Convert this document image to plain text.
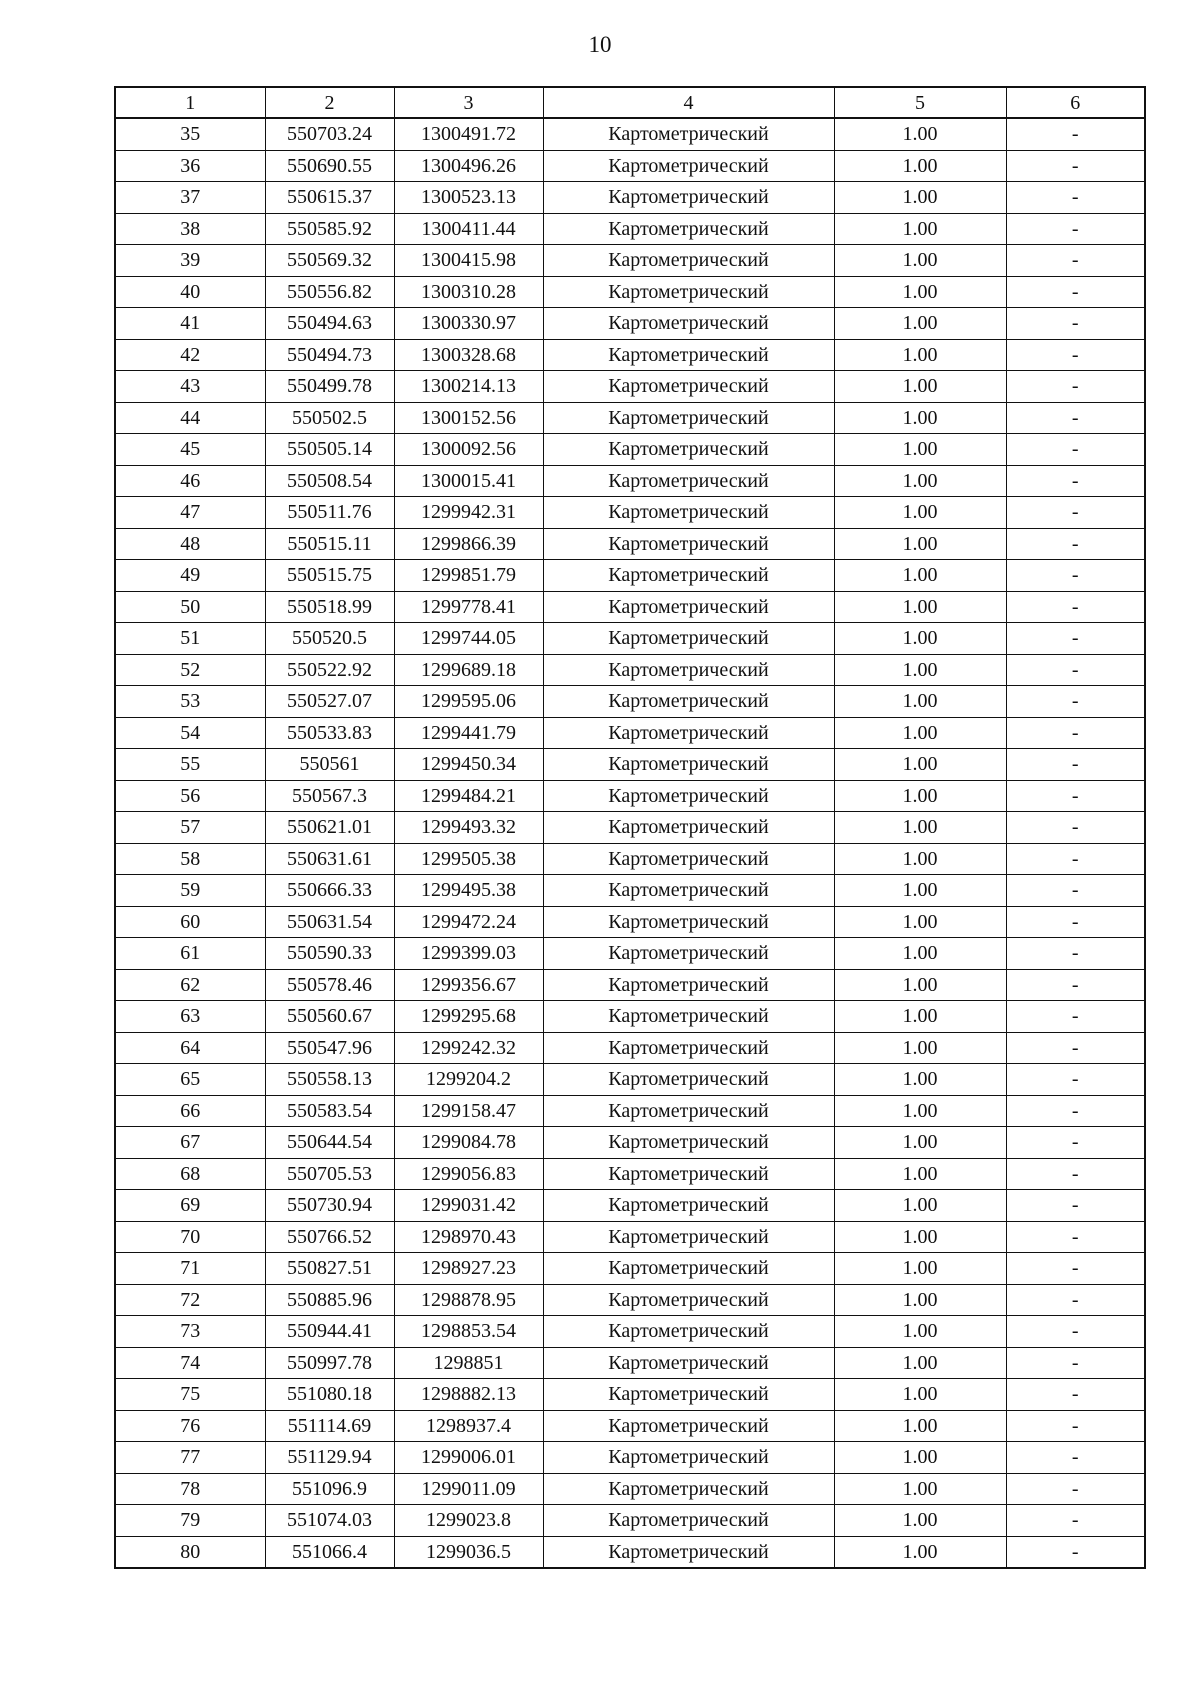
10
1	2	3	4	5	6
35	550703.24	1300491.72	Картометрический	1.00	-
36	550690.55	1300496.26	Картометрический	1.00	-
37	550615.37	1300523.13	Картометрический	1.00	-
38	550585.92	1300411.44	Картометрический	1.00	-
39	550569.32	1300415.98	Картометрический	1.00	-
40	550556.82	1300310.28	Картометрический	1.00	-
41	550494.63	1300330.97	Картометрический	1.00	-
42	550494.73	1300328.68	Картометрический	1.00	-
43	550499.78	1300214.13	Картометрический	1.00	-
44	550502.5	1300152.56	Картометрический	1.00	-
45	550505.14	1300092.56	Картометрический	1.00	-
46	550508.54	1300015.41	Картометрический	1.00	-
47	550511.76	1299942.31	Картометрический	1.00	-
48	550515.11	1299866.39	Картометрический	1.00	-
49	550515.75	1299851.79	Картометрический	1.00	-
50	550518.99	1299778.41	Картометрический	1.00	-
51	550520.5	1299744.05	Картометрический	1.00	-
52	550522.92	1299689.18	Картометрический	1.00	-
53	550527.07	1299595.06	Картометрический	1.00	-
54	550533.83	1299441.79	Картометрический	1.00	-
55	550561	1299450.34	Картометрический	1.00	-
56	550567.3	1299484.21	Картометрический	1.00	-
57	550621.01	1299493.32	Картометрический	1.00	-
58	550631.61	1299505.38	Картометрический	1.00	-
59	550666.33	1299495.38	Картометрический	1.00	-
60	550631.54	1299472.24	Картометрический	1.00	-
61	550590.33	1299399.03	Картометрический	1.00	-
62	550578.46	1299356.67	Картометрический	1.00	-
63	550560.67	1299295.68	Картометрический	1.00	-
64	550547.96	1299242.32	Картометрический	1.00	-
65	550558.13	1299204.2	Картометрический	1.00	-
66	550583.54	1299158.47	Картометрический	1.00	-
67	550644.54	1299084.78	Картометрический	1.00	-
68	550705.53	1299056.83	Картометрический	1.00	-
69	550730.94	1299031.42	Картометрический	1.00	-
70	550766.52	1298970.43	Картометрический	1.00	-
71	550827.51	1298927.23	Картометрический	1.00	-
72	550885.96	1298878.95	Картометрический	1.00	-
73	550944.41	1298853.54	Картометрический	1.00	-
74	550997.78	1298851	Картометрический	1.00	-
75	551080.18	1298882.13	Картометрический	1.00	-
76	551114.69	1298937.4	Картометрический	1.00	-
77	551129.94	1299006.01	Картометрический	1.00	-
78	551096.9	1299011.09	Картометрический	1.00	-
79	551074.03	1299023.8	Картометрический	1.00	-
80	551066.4	1299036.5	Картометрический	1.00	-
